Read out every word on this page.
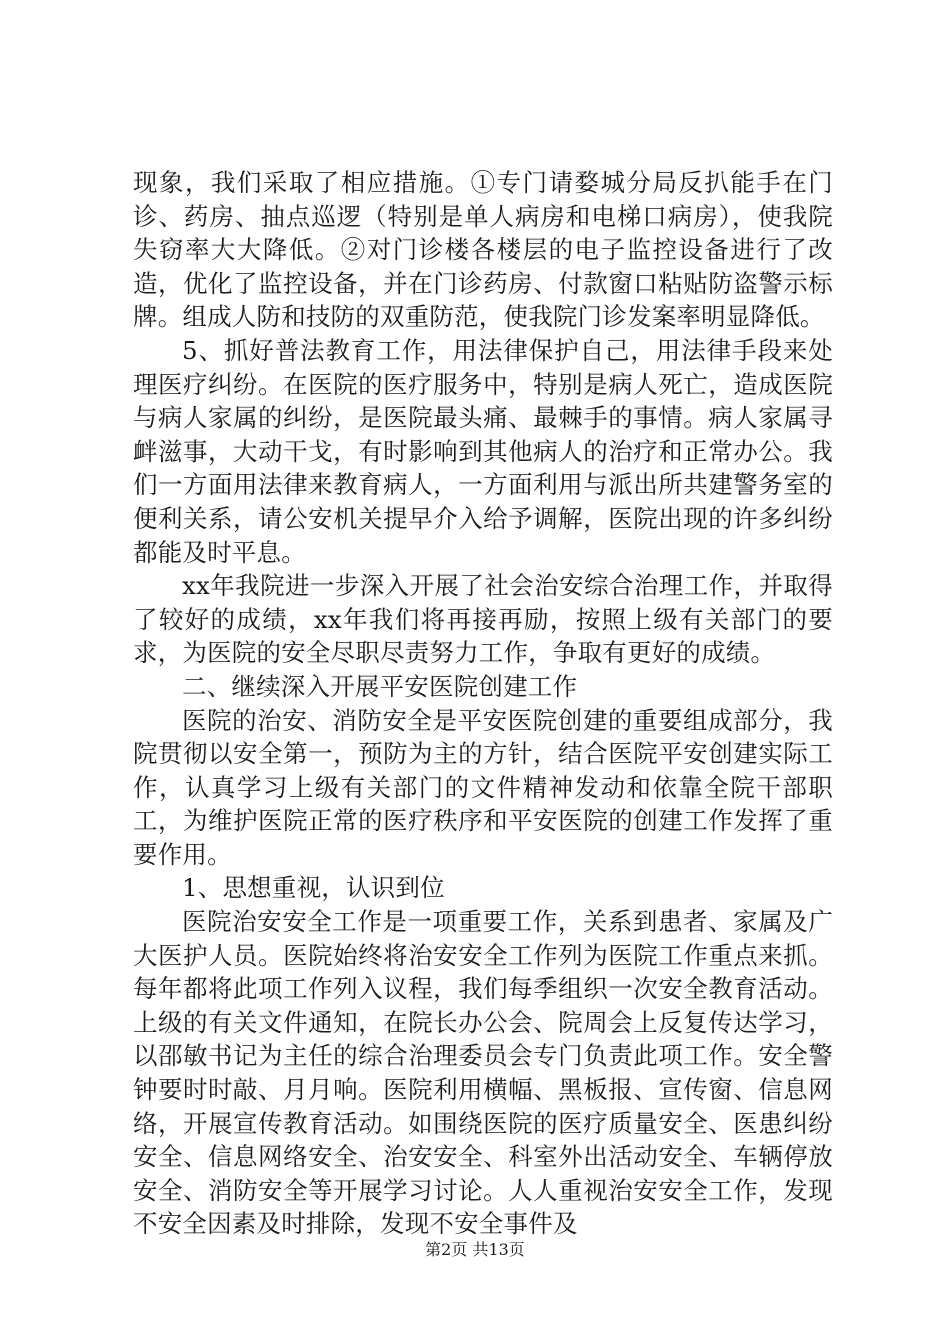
现象，我们采取了相应措施。①专门请婺城分局反扒能手在门诊、药房、抽点巡逻（特别是单人病房和电梯口病房），使我院失窃率大大降低。②对门诊楼各楼层的电子监控设备进行了改造，优化了监控设备，并在门诊药房、付款窗口粘贴防盗警示标牌。组成人防和技防的双重防范，使我院门诊发案率明显降低。

5、抓好普法教育工作，用法律保护自己，用法律手段来处理医疗纠纷。在医院的医疗服务中，特别是病人死亡，造成医院与病人家属的纠纷，是医院最头痛、最棘手的事情。病人家属寻衅滋事，大动干戈，有时影响到其他病人的治疗和正常办公。我们一方面用法律来教育病人，一方面利用与派出所共建警务室的便利关系，请公安机关提早介入给予调解，医院出现的许多纠纷都能及时平息。

xx年我院进一步深入开展了社会治安综合治理工作，并取得了较好的成绩，xx年我们将再接再励，按照上级有关部门的要求，为医院的安全尽职尽责努力工作，争取有更好的成绩。

二、继续深入开展平安医院创建工作

医院的治安、消防安全是平安医院创建的重要组成部分，我院贯彻以安全第一，预防为主的方针，结合医院平安创建实际工作，认真学习上级有关部门的文件精神发动和依靠全院干部职工，为维护医院正常的医疗秩序和平安医院的创建工作发挥了重要作用。

1、思想重视，认识到位

医院治安安全工作是一项重要工作，关系到患者、家属及广大医护人员。医院始终将治安安全工作列为医院工作重点来抓。每年都将此项工作列入议程，我们每季组织一次安全教育活动。上级的有关文件通知，在院长办公会、院周会上反复传达学习，以邵敏书记为主任的综合治理委员会专门负责此项工作。安全警钟要时时敲、月月响。医院利用横幅、黑板报、宣传窗、信息网络，开展宣传教育活动。如围绕医院的医疗质量安全、医患纠纷安全、信息网络安全、治安安全、科室外出活动安全、车辆停放安全、消防安全等开展学习讨论。人人重视治安安全工作，发现不安全因素及时排除，发现不安全事件及

第2页 共13页
